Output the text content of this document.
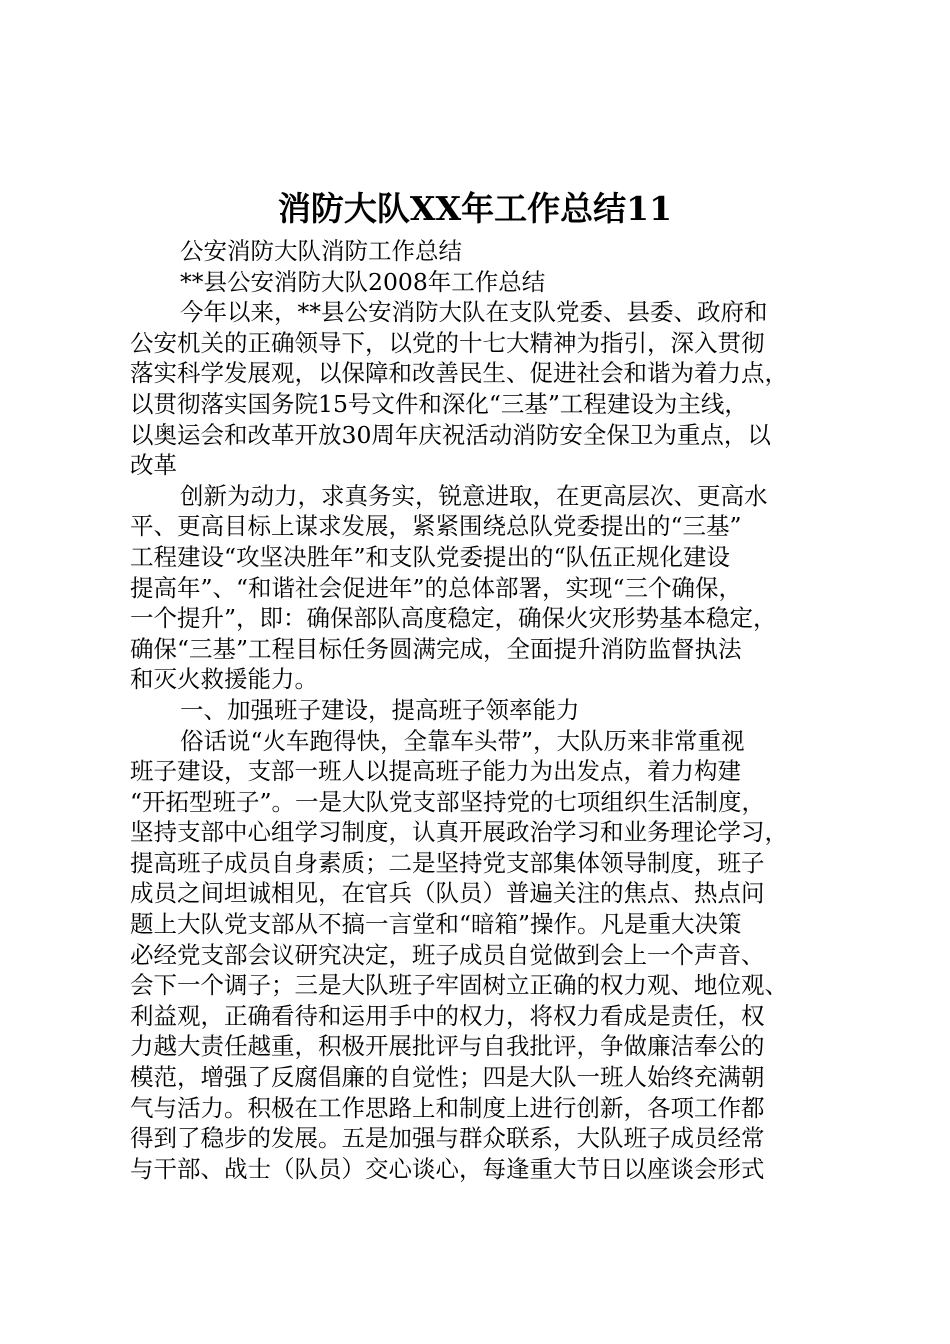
消防大队XX年工作总结11
公安消防大队消防工作总结
**县公安消防大队2008年工作总结
今年以来，**县公安消防大队在支队党委、县委、政府和
公安机关的正确领导下，以党的十七大精神为指引，深入贯彻
落实科学发展观，以保障和改善民生、促进社会和谐为着力点，
以贯彻落实国务院15号文件和深化“三基”工程建设为主线，
以奥运会和改革开放30周年庆祝活动消防安全保卫为重点，以
改革
创新为动力，求真务实，锐意进取，在更高层次、更高水
平、更高目标上谋求发展，紧紧围绕总队党委提出的“三基”
工程建设“攻坚决胜年”和支队党委提出的“队伍正规化建设
提高年”、“和谐社会促进年”的总体部署，实现“三个确保，
一个提升”，即：确保部队高度稳定，确保火灾形势基本稳定，
确保“三基”工程目标任务圆满完成，全面提升消防监督执法
和灭火救援能力。
一、加强班子建设，提高班子领率能力
俗话说“火车跑得快，全靠车头带”，大队历来非常重视
班子建设，支部一班人以提高班子能力为出发点，着力构建
“开拓型班子”。一是大队党支部坚持党的七项组织生活制度，
坚持支部中心组学习制度，认真开展政治学习和业务理论学习，
提高班子成员自身素质；二是坚持党支部集体领导制度，班子
成员之间坦诚相见，在官兵（队员）普遍关注的焦点、热点问
题上大队党支部从不搞一言堂和“暗箱”操作。凡是重大决策
必经党支部会议研究决定，班子成员自觉做到会上一个声音、
会下一个调子；三是大队班子牢固树立正确的权力观、地位观、
利益观，正确看待和运用手中的权力，将权力看成是责任，权
力越大责任越重，积极开展批评与自我批评，争做廉洁奉公的
模范，增强了反腐倡廉的自觉性；四是大队一班人始终充满朝
气与活力。积极在工作思路上和制度上进行创新，各项工作都
得到了稳步的发展。五是加强与群众联系，大队班子成员经常
与干部、战士（队员）交心谈心，每逢重大节日以座谈会形式
